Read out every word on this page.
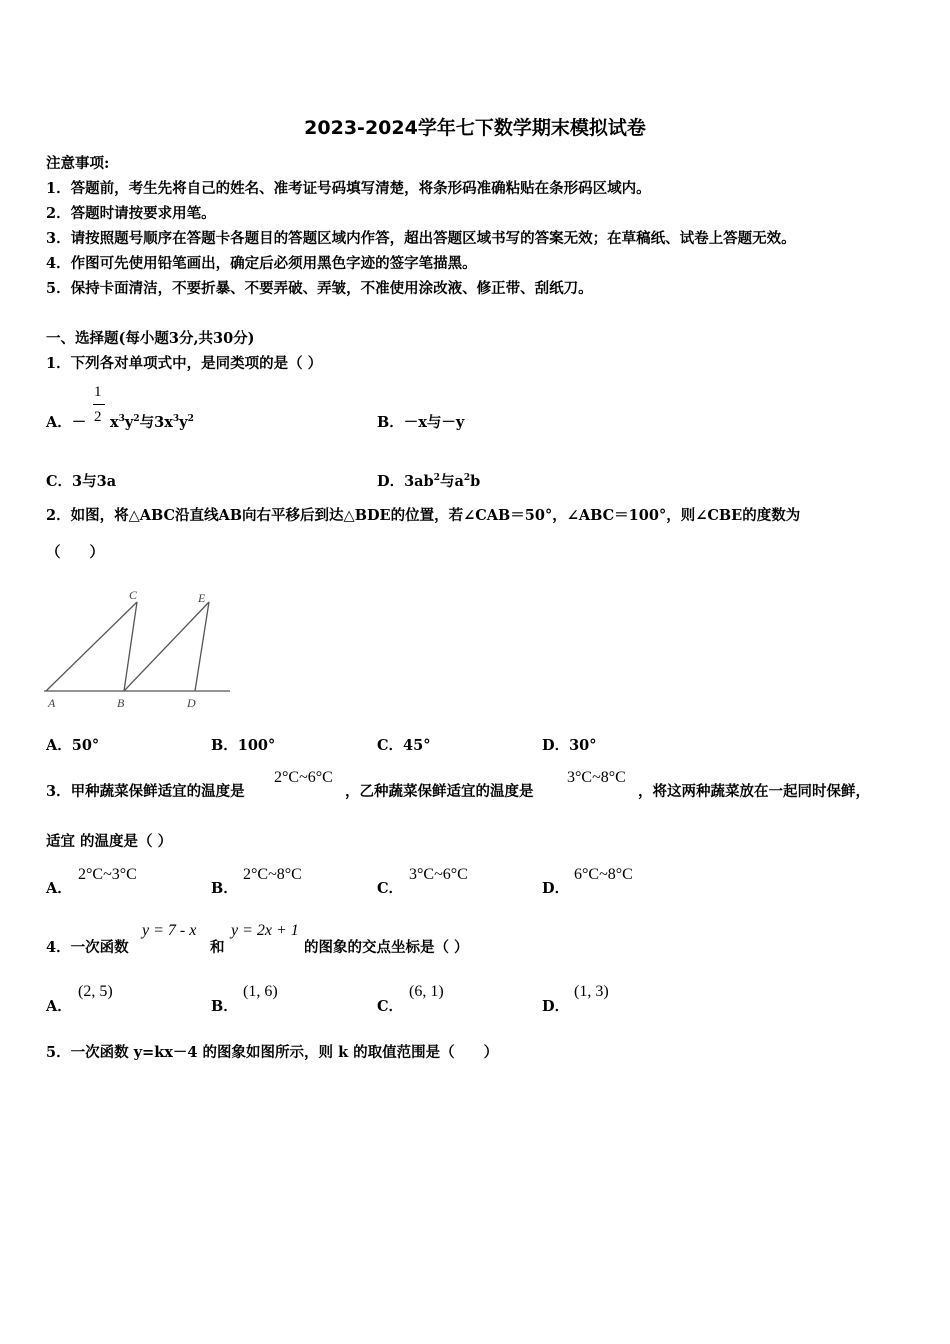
2023-2024学年七下数学期末模拟试卷
注意事项:
1．答题前，考生先将自己的姓名、准考证号码填写清楚，将条形码准确粘贴在条形码区域内。
2．答题时请按要求用笔。
3．请按照题号顺序在答题卡各题目的答题区域内作答，超出答题区域书写的答案无效；在草稿纸、试卷上答题无效。
4．作图可先使用铅笔画出，确定后必须用黑色字迹的签字笔描黑。
5．保持卡面清洁，不要折暴、不要弄破、弄皱，不准使用涂改液、修正带、刮纸刀。
一、选择题(每小题3分,共30分)
1．下列各对单项式中，是同类项的是（ ）
A．－
1
2 $x^3y^2$与$3x^3y^2$	B．－x与－y
C．3与3a	D．$3ab^2$与$a^2b$
2．如图，将△ABC沿直线AB向右平移后到达△BDE的位置，若∠CAB＝50°，∠ABC＝100°，则∠CBE的度数为
（　　）
A	B	D
C	E
A．50°	B．100°	C．45°	D．30°
3．甲种蔬菜保鲜适宜的温度是
2°C~6°C
，乙种蔬菜保鲜适宜的温度是
3°C~8°C
，将这两种蔬菜放在一起同时保鲜，
适宜 的温度是（ ）
A．
2°C~3°C
B．
2°C~8°C
C．
3°C~6°C
D．
6°C~8°C
4．一次函数
y = 7 - x
和
y = 2x + 1
的图象的交点坐标是（ ）
A．
(2, 5)
B．
(1, 6)
C．
(6, 1)
D．
(1, 3)
5．一次函数 y=kx－4 的图象如图所示，则 k 的取值范围是（　　）
